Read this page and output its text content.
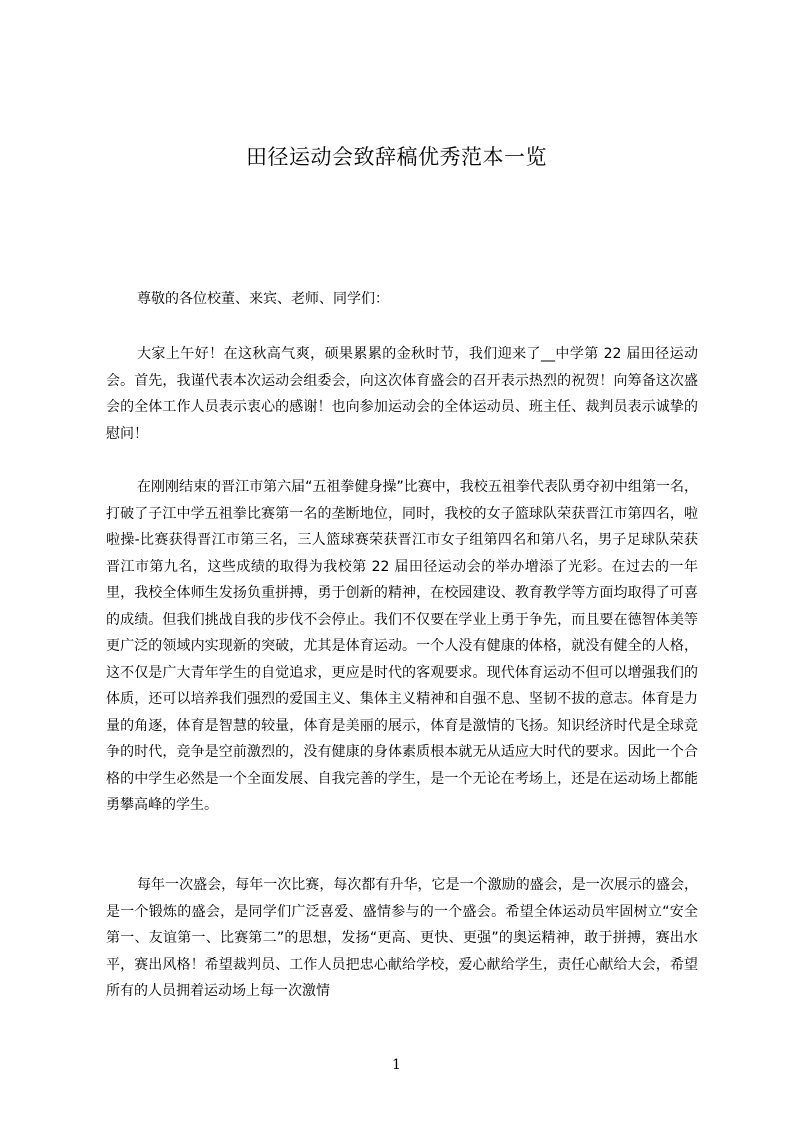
田径运动会致辞稿优秀范本一览
尊敬的各位校董、来宾、老师、同学们：
大家上午好！在这秋高气爽，硕果累累的金秋时节，我们迎来了__中学第 22 届田径运动会。首先，我谨代表本次运动会组委会，向这次体育盛会的召开表示热烈的祝贺！向筹备这次盛会的全体工作人员表示衷心的感谢！也向参加运动会的全体运动员、班主任、裁判员表示诚挚的慰问！
在刚刚结束的晋江市第六届“五祖拳健身操”比赛中，我校五祖拳代表队勇夺初中组第一名，打破了子江中学五祖拳比赛第一名的垄断地位，同时，我校的女子篮球队荣获晋江市第四名，啦啦操-比赛获得晋江市第三名，三人篮球赛荣获晋江市女子组第四名和第八名，男子足球队荣获晋江市第九名，这些成绩的取得为我校第 22 届田径运动会的举办增添了光彩。在过去的一年里，我校全体师生发扬负重拼搏，勇于创新的精神，在校园建设、教育教学等方面均取得了可喜的成绩。但我们挑战自我的步伐不会停止。我们不仅要在学业上勇于争先，而且要在德智体美等更广泛的领域内实现新的突破，尤其是体育运动。一个人没有健康的体格，就没有健全的人格，这不仅是广大青年学生的自觉追求，更应是时代的客观要求。现代体育运动不但可以增强我们的体质，还可以培养我们强烈的爱国主义、集体主义精神和自强不息、坚韧不拔的意志。体育是力量的角逐，体育是智慧的较量，体育是美丽的展示，体育是激情的飞扬。知识经济时代是全球竞争的时代，竞争是空前激烈的，没有健康的身体素质根本就无从适应大时代的要求。因此一个合格的中学生必然是一个全面发展、自我完善的学生，是一个无论在考场上，还是在运动场上都能勇攀高峰的学生。
每年一次盛会，每年一次比赛，每次都有升华，它是一个激励的盛会，是一次展示的盛会，是一个锻炼的盛会，是同学们广泛喜爱、盛情参与的一个盛会。希望全体运动员牢固树立“安全第一、友谊第一、比赛第二”的思想，发扬“更高、更快、更强”的奥运精神，敢于拼搏，赛出水平，赛出风格！希望裁判员、工作人员把忠心献给学校，爱心献给学生，责任心献给大会，希望所有的人员拥着运动场上每一次激情
1
